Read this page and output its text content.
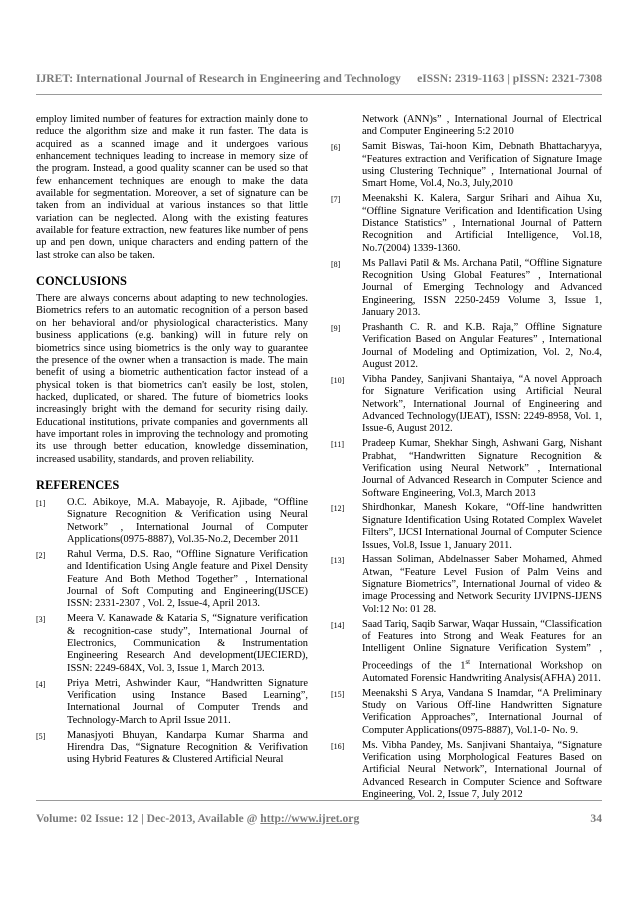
IJRET: International Journal of Research in Engineering and Technology eISSN: 2319-1163 | pISSN: 2321-7308

employ limited number of features for extraction mainly done to reduce the algorithm size and make it run faster. The data is acquired as a scanned image and it undergoes various enhancement techniques leading to increase in memory size of the program. Instead, a good quality scanner can be used so that few enhancement techniques are enough to make the data available for segmentation. Moreover, a set of signature can be taken from an individual at various instances so that little variation can be neglected. Along with the existing features available for feature extraction, new features like number of pens up and pen down, unique characters and ending pattern of the last stroke can also be taken.

CONCLUSIONS

There are always concerns about adapting to new technologies. Biometrics refers to an automatic recognition of a person based on her behavioral and/or physiological characteristics. Many business applications (e.g. banking) will in future rely on biometrics since using biometrics is the only way to guarantee the presence of the owner when a transaction is made. The main benefit of using a biometric authentication factor instead of a physical token is that biometrics can't easily be lost, stolen, hacked, duplicated, or shared. The future of biometrics looks increasingly bright with the demand for security rising daily. Educational institutions, private companies and governments all have important roles in improving the technology and promoting its use through better education, knowledge dissemination, increased usability, standards, and proven reliability.

REFERENCES
[1] O.C. Abikoye, M.A. Mabayoje, R. Ajibade, “Offline Signature Recognition & Verification using Neural Network” , International Journal of Computer Applications(0975-8887), Vol.35-No.2, December 2011
[2] Rahul Verma, D.S. Rao, “Offline Signature Verification and Identification Using Angle feature and Pixel Density Feature And Both Method Together” , International Journal of Soft Computing and Engineering(IJSCE) ISSN: 2331-2307 , Vol. 2, Issue-4, April 2013.
[3] Meera V. Kanawade & Kataria S, “Signature verification & recognition-case study”, International Journal of Electronics, Communication & Instrumentation Engineering Research And development(IJECIERD), ISSN: 2249-684X, Vol. 3, Issue 1, March 2013.
[4] Priya Metri, Ashwinder Kaur, “Handwritten Signature Verification using Instance Based Learning”, International Journal of Computer Trends and Technology-March to April Issue 2011.
[5] Manasjyoti Bhuyan, Kandarpa Kumar Sharma and Hirendra Das, “Signature Recognition & Verifivation using Hybrid Features & Clustered Artificial Neural
Network (ANN)s” , International Journal of Electrical and Computer Engineering 5:2 2010
[6] Samit Biswas, Tai-hoon Kim, Debnath Bhattacharyya, “Features extraction and Verification of Signature Image using Clustering Technique” , International Journal of Smart Home, Vol.4, No.3, July,2010
[7] Meenakshi K. Kalera, Sargur Srihari and Aihua Xu, “Offline Signature Verification and Identification Using Distance Statistics” , International Journal of Pattern Recognition and Artificial Intelligence, Vol.18, No.7(2004) 1339-1360.
[8] Ms Pallavi Patil & Ms. Archana Patil, “Offline Signature Recognition Using Global Features” , International Journal of Emerging Technology and Advanced Engineering, ISSN 2250-2459 Volume 3, Issue 1, January 2013.
[9] Prashanth C. R. and K.B. Raja,” Offline Signature Verification Based on Angular Features” , International Journal of Modeling and Optimization, Vol. 2, No.4, August 2012.
[10] Vibha Pandey, Sanjivani Shantaiya, “A novel Approach for Signature Verification using Artificial Neural Network”, International Journal of Engineering and Advanced Technology(IJEAT), ISSN: 2249-8958, Vol. 1, Issue-6, August 2012.
[11] Pradeep Kumar, Shekhar Singh, Ashwani Garg, Nishant Prabhat, “Handwritten Signature Recognition & Verification using Neural Network” , International Journal of Advanced Research in Computer Science and Software Engineering, Vol.3, March 2013
[12] Shirdhonkar, Manesh Kokare, “Off-line handwritten Signature Identification Using Rotated Complex Wavelet Filters”, IJCSI International Journal of Computer Science Issues, Vol.8, Issue 1, January 2011.
[13] Hassan Soliman, Abdelnasser Saber Mohamed, Ahmed Atwan, “Feature Level Fusion of Palm Veins and Signature Biometrics”, International Journal of video & image Processing and Network Security IJVIPNS-IJENS Vol:12 No: 01 28.
[14] Saad Tariq, Saqib Sarwar, Waqar Hussain, “Classification of Features into Strong and Weak Features for an Intelligent Online Signature Verification System” , Proceedings of the 1st International Workshop on Automated Forensic Handwriting Analysis(AFHA) 2011.
[15] Meenakshi S Arya, Vandana S Inamdar, “A Preliminary Study on Various Off-line Handwritten Signature Verification Approaches”, International Journal of Computer Applications(0975-8887), Vol.1-0- No. 9.
[16] Ms. Vibha Pandey, Ms. Sanjivani Shantaiya, “Signature Verification using Morphological Features Based on Artificial Neural Network”, International Journal of Advanced Research in Computer Science and Software Engineering, Vol. 2, Issue 7, July 2012
Volume: 02 Issue: 12 | Dec-2013, Available @ http://www.ijret.org	34
